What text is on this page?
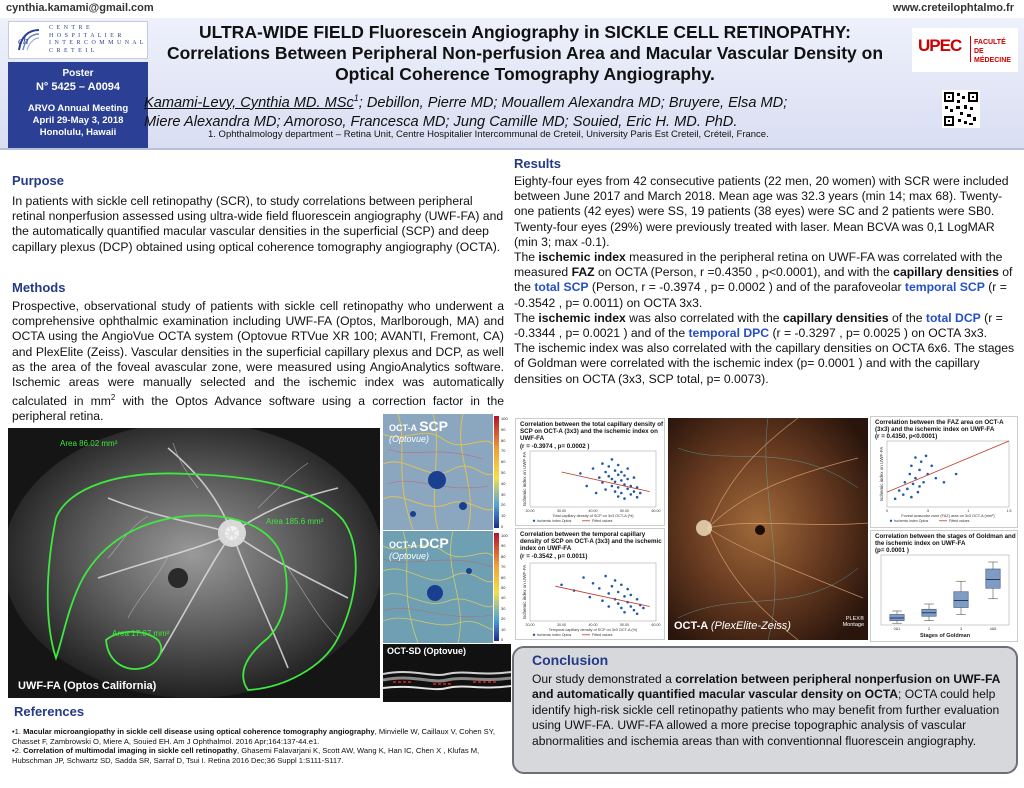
cynthia.kamami@gmail.com	www.creteilophtalmo.fr
ch
C E N T R E
H O S P I T A L I E R
I N T E R C O M M U N A L
C R E T E I L
Poster
N° 5425 – A0094
ARVO Annual Meeting
April 29-May 3, 2018
Honolulu, Hawaii
ULTRA-WIDE FIELD Fluorescein Angiography in SICKLE CELL RETINOPATHY:
Correlations Between Peripheral Non-perfusion Area and Macular Vascular Density on
Optical Coherence Tomography Angiography.
Kamami-Levy, Cynthia MD. MSc$^1$; Debillon, Pierre MD; Mouallem Alexandra MD; Bruyere, Elsa MD;
Miere Alexandra MD; Amoroso, Francesca MD; Jung Camille MD; Souied, Eric H. MD. PhD.
1. Ophthalmology department – Retina Unit, Centre Hospitalier Intercommunal de Creteil, University Paris Est Creteil, Créteil, France.
UPEC FACULTÉ
DE MÉDECINE
Purpose
In patients with sickle cell retinopathy (SCR), to study correlations between peripheral retinal nonperfusion assessed using ultra-wide field fluorescein angiography (UWF-FA) and the automatically quantified macular vascular densities in the superficial (SCP) and deep capillary plexus (DCP) obtained using optical coherence tomography angiography (OCTA).
Methods
Prospective, observational study of patients with sickle cell retinopathy who underwent a comprehensive ophthalmic examination including UWF-FA (Optos, Marlborough, MA) and OCTA using the AngioVue OCTA system (Optovue RTVue XR 100; AVANTI, Fremont, CA) and PlexElite (Zeiss). Vascular densities in the superficial capillary plexus and DCP, as well as the area of the foveal avascular zone, were measured using AngioAnalytics software. Ischemic areas were manually selected and the ischemic index was automatically calculated in $mm^2$ with the Optos Advance software using a correction factor in the peripheral retina.
Area 86.02 mm²
Area 185.6 mm²
Area 17.07 mm²
UWF-FA (Optos California)
OCT-A SCP
(Optovue)
100
90
80
70
60
50
40
30
20
10
0
OCT-A DCP
(Optovue)
100
90
80
70
60
50
40
30
20
10
0
OCT-SD (Optovue)
Results
Eighty-four eyes from 42 consecutive patients (22 men, 20 women) with SCR were included between June 2017 and March 2018. Mean age was 32.3 years (min 14; max 68). Twenty-one patients (42 eyes) were SS, 19 patients (38 eyes) were SC and 2 patients were SB0. Twenty-four eyes (29%) were previously treated with laser. Mean BCVA was 0,1 LogMAR (min 3; max -0.1).
The ischemic index measured in the peripheral retina on UWF-FA was correlated with the measured FAZ on OCTA (Person, r =0.4350 , p<0.0001), and with the capillary densities of the total SCP (Person, r = -0.3974 , p= 0.0002 ) and of the parafoveolar temporal SCP (r = -0.3542 , p= 0.0011) on OCTA 3x3.
The ischemic index was also correlated with the capillary densities of the total DCP (r = -0.3344 , p= 0.0021 ) and of the temporal DPC (r = -0.3297 , p= 0.0025 ) on OCTA 3x3.
The ischemic index was also correlated with the capillary densities on OCTA 6x6. The stages of Goldman were correlated with the ischemic index (p= 0.0001 ) and with the capillary densities on OCTA (3x3, SCP total, p= 0.0073).
Correlation between the total capillary density of SCP on OCT-A (3x3) and the ischemic index on UWF-FA
(r = -0.3974 , p= 0.0002 )
20.00	30.00	40.00	50.00	60.00
Total capillary density of SCP on 3x3 OCT-A (%)
Ischemic index on UWF-FA
Ischemic index Optos	Fitted values
Correlation between the temporal capillary density of SCP on OCT-A (3x3) and the ischemic index on UWF-FA
(r = -0.3542 , p= 0.0011)
20.00	30.00	40.00	50.00	60.00
Temporal capillary density of SCP on 3x3 OCT-A (%)
Ischemic index on UWF-FA
Ischemic index Optos	Fitted values
OCT-A (PlexElite-Zeiss)
PLEX®
Montage
Correlation between the FAZ area on OCT-A (3x3) and the ischemic index on UWF-FA
(r = 0.4350, p<0.0001)
0	.5	1	1.5
Foveal avascular zone (FAZ) area on 3x3 OCT-A (mm²)
Ischemic index on UWF-FA
Ischemic index Optos	Fitted values
Correlation between the stages of Goldman and the ischemic index on UWF-FA
(p= 0.0001 )
0&1	2	3	4&5
Stages of Goldman
Conclusion

Our study demonstrated a correlation between peripheral nonperfusion on UWF-FA and automatically quantified macular vascular density on OCTA; OCTA could help identify high-risk sickle cell retinopathy patients who may benefit from further evaluation using UWF-FA. UWF-FA allowed a more precise topographic analysis of vascular abnormalities and ischemia areas than with conventionnal fluorescein angiography.

References
•1. Macular microangiopathy in sickle cell disease using optical coherence tomography angiography, Minvielle W, Caillaux V, Cohen SY, Chasset F, Zambrowski O, Miere A, Souied EH. Am J Ophthalmol. 2016 Apr;164:137-44.e1.
•2. Correlation of multimodal imaging in sickle cell retinopathy, Ghasemi Falavarjani K, Scott AW, Wang K, Han IC, Chen X , Klufas M, Hubschman JP, Schwartz SD, Sadda SR, Sarraf D, Tsui I. Retina 2016 Dec;36 Suppl 1:S111-S117.
